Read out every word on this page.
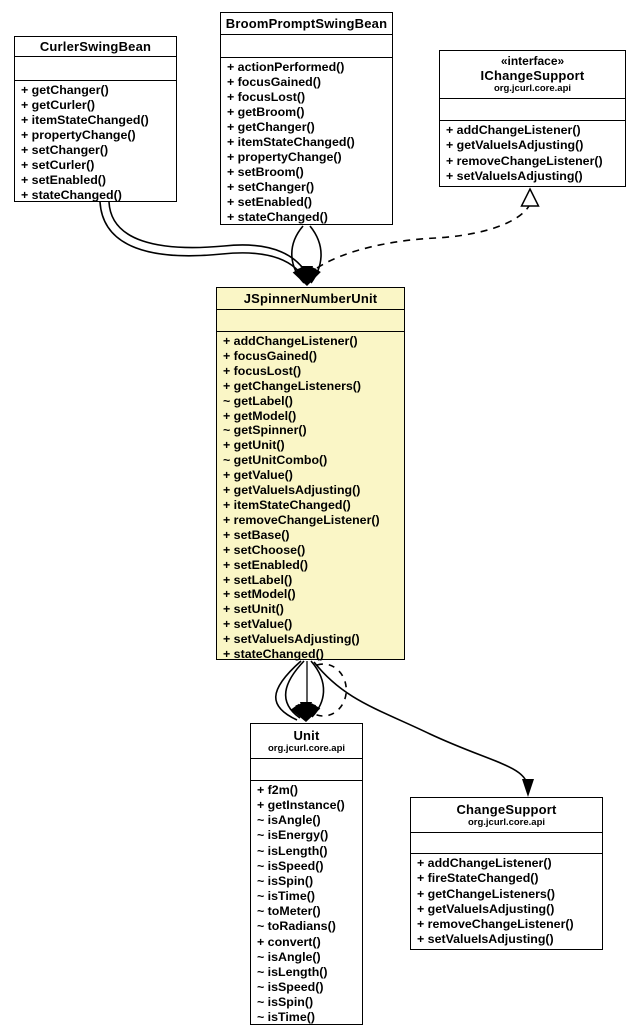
CurlerSwingBean
+ getChanger()
+ getCurler()
+ itemStateChanged()
+ propertyChange()
+ setChanger()
+ setCurler()
+ setEnabled()
+ stateChanged()
BroomPromptSwingBean
+ actionPerformed()
+ focusGained()
+ focusLost()
+ getBroom()
+ getChanger()
+ itemStateChanged()
+ propertyChange()
+ setBroom()
+ setChanger()
+ setEnabled()
+ stateChanged()
«interface»
IChangeSupport
org.jcurl.core.api
+ addChangeListener()
+ getValueIsAdjusting()
+ removeChangeListener()
+ setValueIsAdjusting()
JSpinnerNumberUnit
+ addChangeListener()
+ focusGained()
+ focusLost()
+ getChangeListeners()
~ getLabel()
+ getModel()
~ getSpinner()
+ getUnit()
~ getUnitCombo()
+ getValue()
+ getValueIsAdjusting()
+ itemStateChanged()
+ removeChangeListener()
+ setBase()
+ setChoose()
+ setEnabled()
+ setLabel()
+ setModel()
+ setUnit()
+ setValue()
+ setValueIsAdjusting()
+ stateChanged()
Unit
org.jcurl.core.api
+ f2m()
+ getInstance()
~ isAngle()
~ isEnergy()
~ isLength()
~ isSpeed()
~ isSpin()
~ isTime()
~ toMeter()
~ toRadians()
+ convert()
~ isAngle()
~ isLength()
~ isSpeed()
~ isSpin()
~ isTime()
ChangeSupport
org.jcurl.core.api
+ addChangeListener()
+ fireStateChanged()
+ getChangeListeners()
+ getValueIsAdjusting()
+ removeChangeListener()
+ setValueIsAdjusting()
